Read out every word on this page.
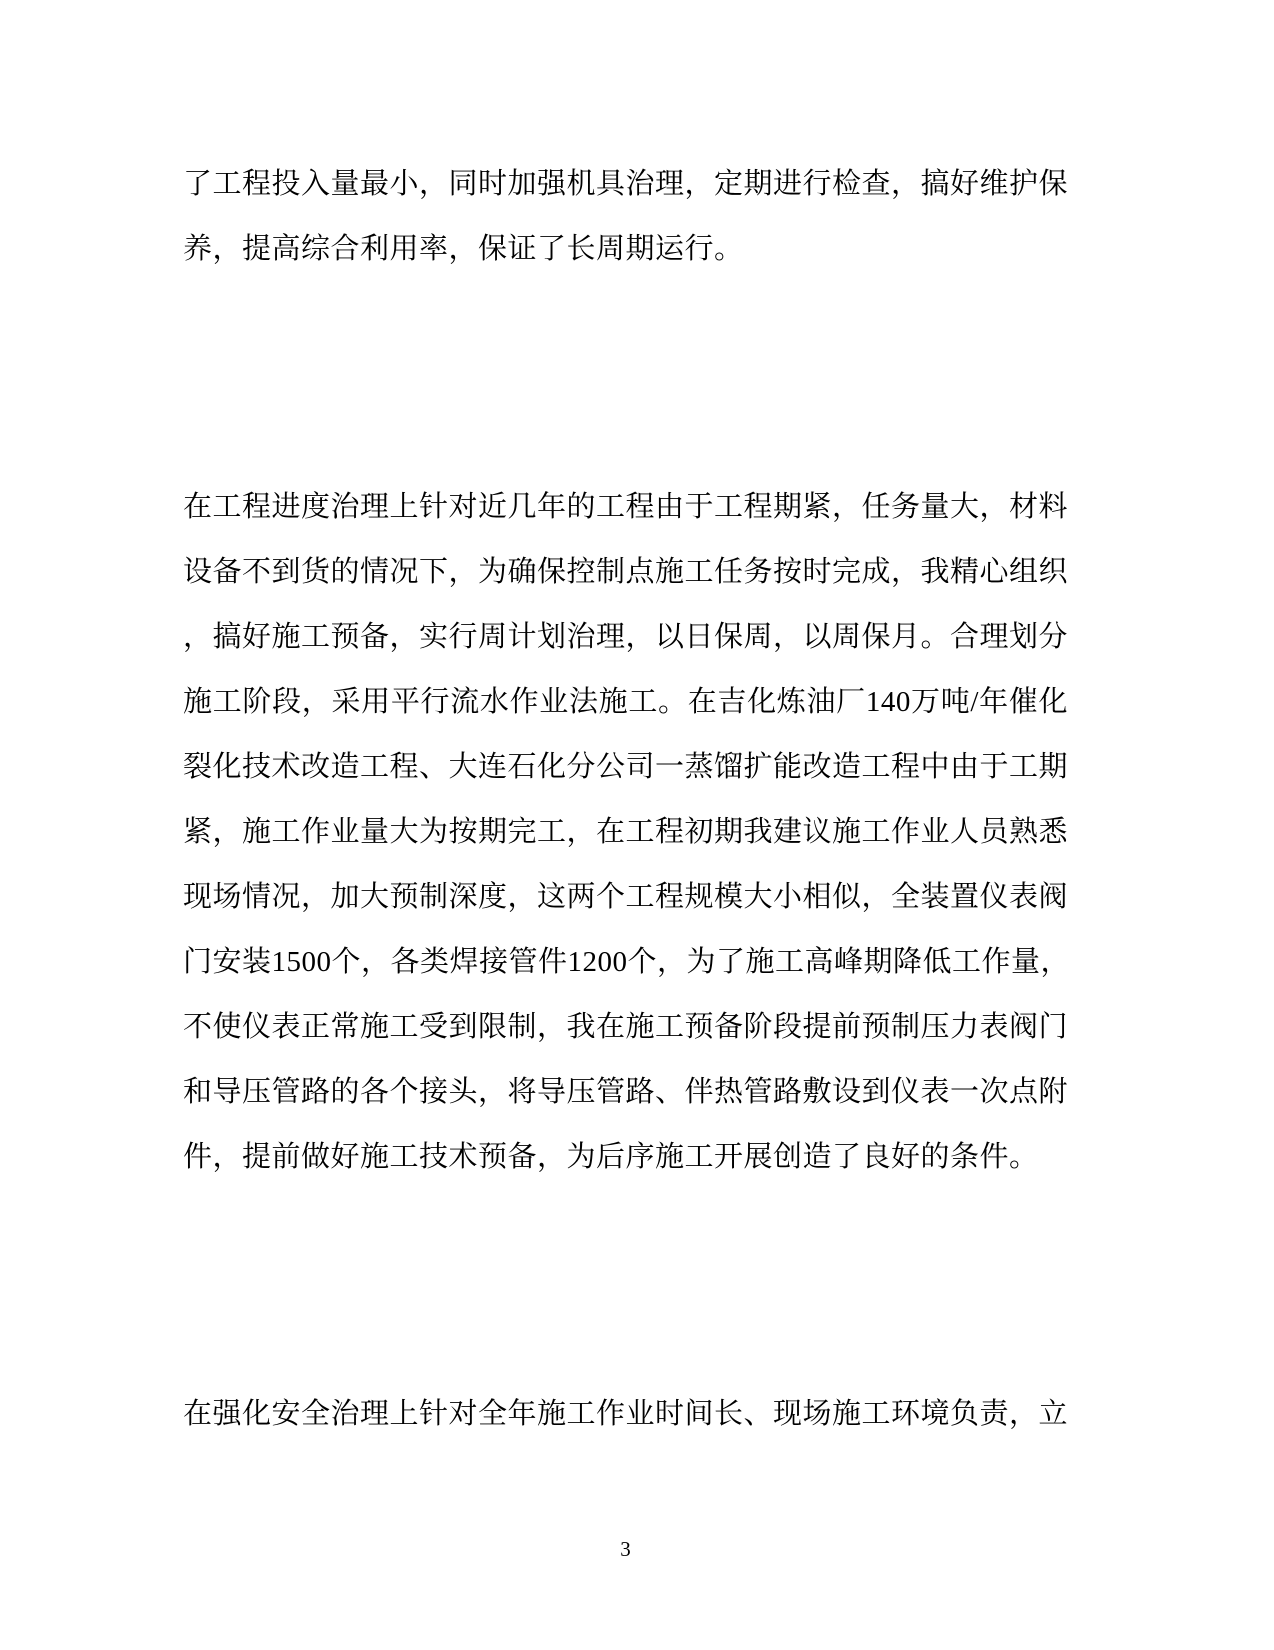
了工程投入量最小，同时加强机具治理，定期进行检查，搞好维护保
养，提高综合利用率，保证了长周期运行。
在工程进度治理上针对近几年的工程由于工程期紧，任务量大，材料
设备不到货的情况下，为确保控制点施工任务按时完成，我精心组织
，搞好施工预备，实行周计划治理，以日保周，以周保月。合理划分
施工阶段，采用平行流水作业法施工。在吉化炼油厂140万吨/年催化
裂化技术改造工程、大连石化分公司一蒸馏扩能改造工程中由于工期
紧，施工作业量大为按期完工，在工程初期我建议施工作业人员熟悉
现场情况，加大预制深度，这两个工程规模大小相似，全装置仪表阀
门安装1500个，各类焊接管件1200个，为了施工高峰期降低工作量，
不使仪表正常施工受到限制，我在施工预备阶段提前预制压力表阀门
和导压管路的各个接头，将导压管路、伴热管路敷设到仪表一次点附
件，提前做好施工技术预备，为后序施工开展创造了良好的条件。
在强化安全治理上针对全年施工作业时间长、现场施工环境负责，立
3
